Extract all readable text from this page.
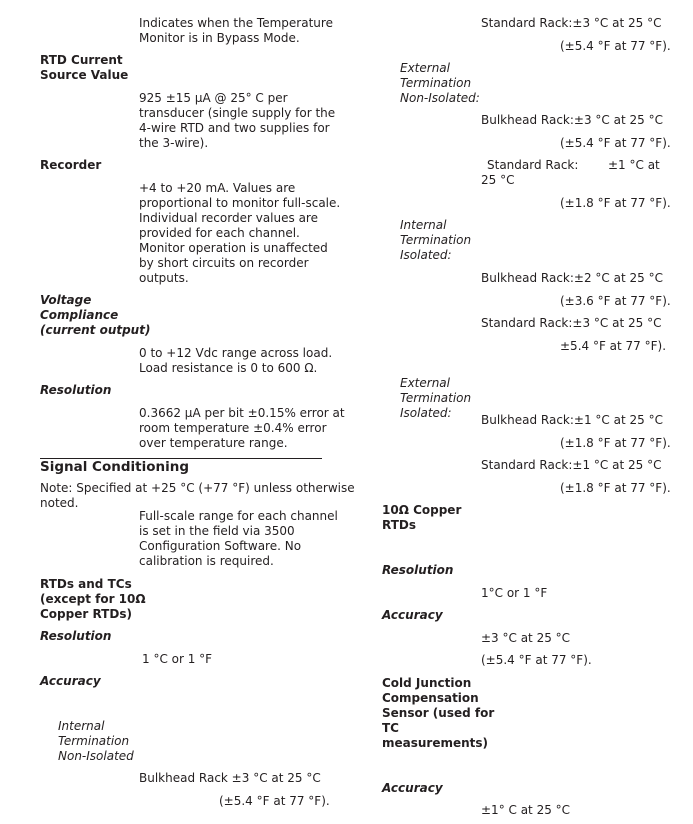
Indicates when the Temperature
Monitor is in Bypass Mode.

RTD Current
Source Value

925 ±15 μA @ 25° C per
transducer (single supply for the
4-wire RTD and two supplies for
the 3-wire).

Recorder

+4 to +20 mA. Values are
proportional to monitor full-scale.
Individual recorder values are
provided for each channel.
Monitor operation is unaffected
by short circuits on recorder
outputs.

Voltage
Compliance
(current output)

0 to +12 Vdc range across load.
Load resistance is 0 to 600 Ω.

Resolution

0.3662 μA per bit ±0.15% error at
room temperature ±0.4% error
over temperature range.

Signal Conditioning

Note: Specified at +25 °C (+77 °F) unless otherwise
noted.

Full-scale range for each channel
is set in the field via 3500
Configuration Software. No
calibration is required.

RTDs and TCs
(except for 10Ω
Copper RTDs)

Resolution

1 °C or 1 °F

Accuracy

Internal
Termination
Non-Isolated

Bulkhead Rack ±3 °C at 25 °C

(±5.4 °F at 77 °F).

Standard Rack:±3 °C at 25 °C

(±5.4 °F at 77 °F).

External
Termination
Non-Isolated:

Bulkhead Rack:±3 °C at 25 °C

(±5.4 °F at 77 °F).

Standard Rack: ±1 °C at

25 °C

(±1.8 °F at 77 °F).

Internal
Termination
Isolated:

Bulkhead Rack:±2 °C at 25 °C

(±3.6 °F at 77 °F).

Standard Rack:±3 °C at 25 °C

±5.4 °F at 77 °F).

External
Termination
Isolated:	Bulkhead Rack:±1 °C at 25 °C

(±1.8 °F at 77 °F).

Standard Rack:±1 °C at 25 °C

(±1.8 °F at 77 °F).

10Ω Copper
RTDs

Resolution

1°C or 1 °F

Accuracy

±3 °C at 25 °C

(±5.4 °F at 77 °F).

Cold Junction
Compensation
Sensor (used for
TC
measurements)

Accuracy

±1° C at 25 °C
